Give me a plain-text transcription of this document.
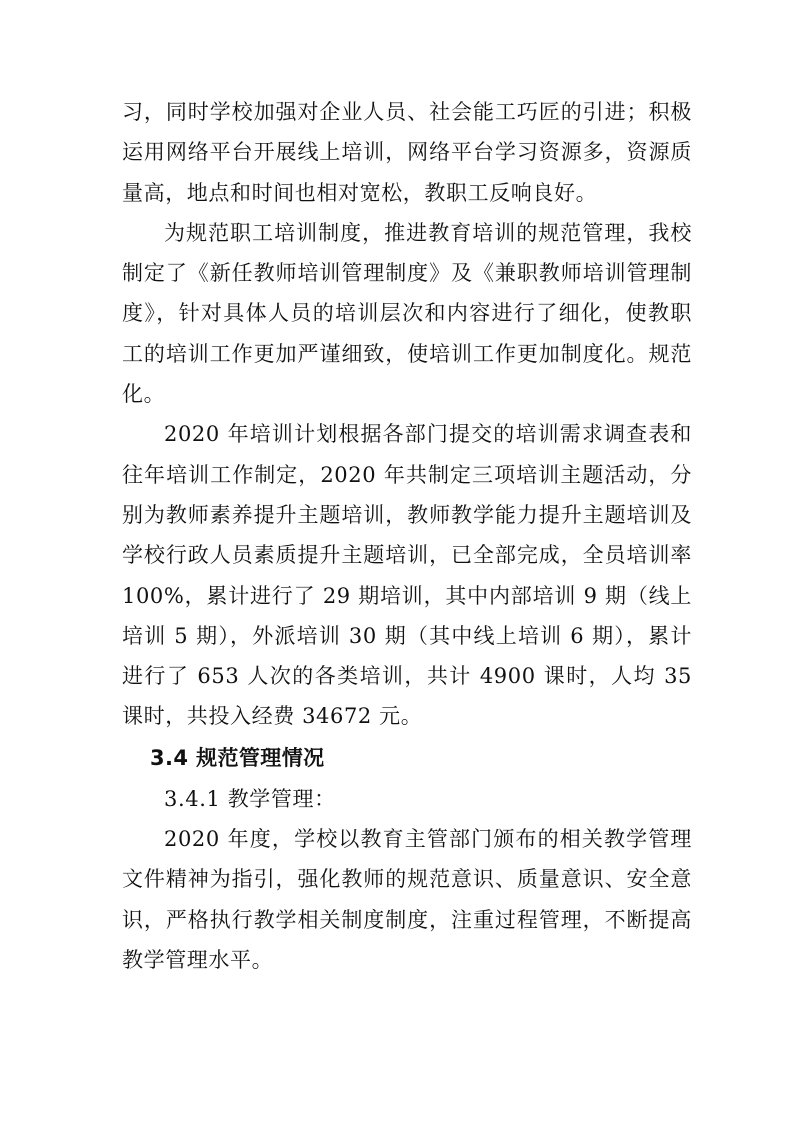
习，同时学校加强对企业人员、社会能工巧匠的引进；积极运用网络平台开展线上培训，网络平台学习资源多，资源质量高，地点和时间也相对宽松，教职工反响良好。

为规范职工培训制度，推进教育培训的规范管理，我校制定了《新任教师培训管理制度》及《兼职教师培训管理制度》，针对具体人员的培训层次和内容进行了细化，使教职工的培训工作更加严谨细致，使培训工作更加制度化。规范化。

2020 年培训计划根据各部门提交的培训需求调查表和往年培训工作制定，2020 年共制定三项培训主题活动，分别为教师素养提升主题培训，教师教学能力提升主题培训及学校行政人员素质提升主题培训，已全部完成，全员培训率 100%，累计进行了 29 期培训，其中内部培训 9 期（线上培训 5 期），外派培训 30 期（其中线上培训 6 期），累计进行了 653 人次的各类培训，共计 4900 课时，人均 35 课时，共投入经费 34672 元。

3.4 规范管理情况

3.4.1 教学管理：

2020 年度，学校以教育主管部门颁布的相关教学管理文件精神为指引，强化教师的规范意识、质量意识、安全意识，严格执行教学相关制度制度，注重过程管理，不断提高教学管理水平。
